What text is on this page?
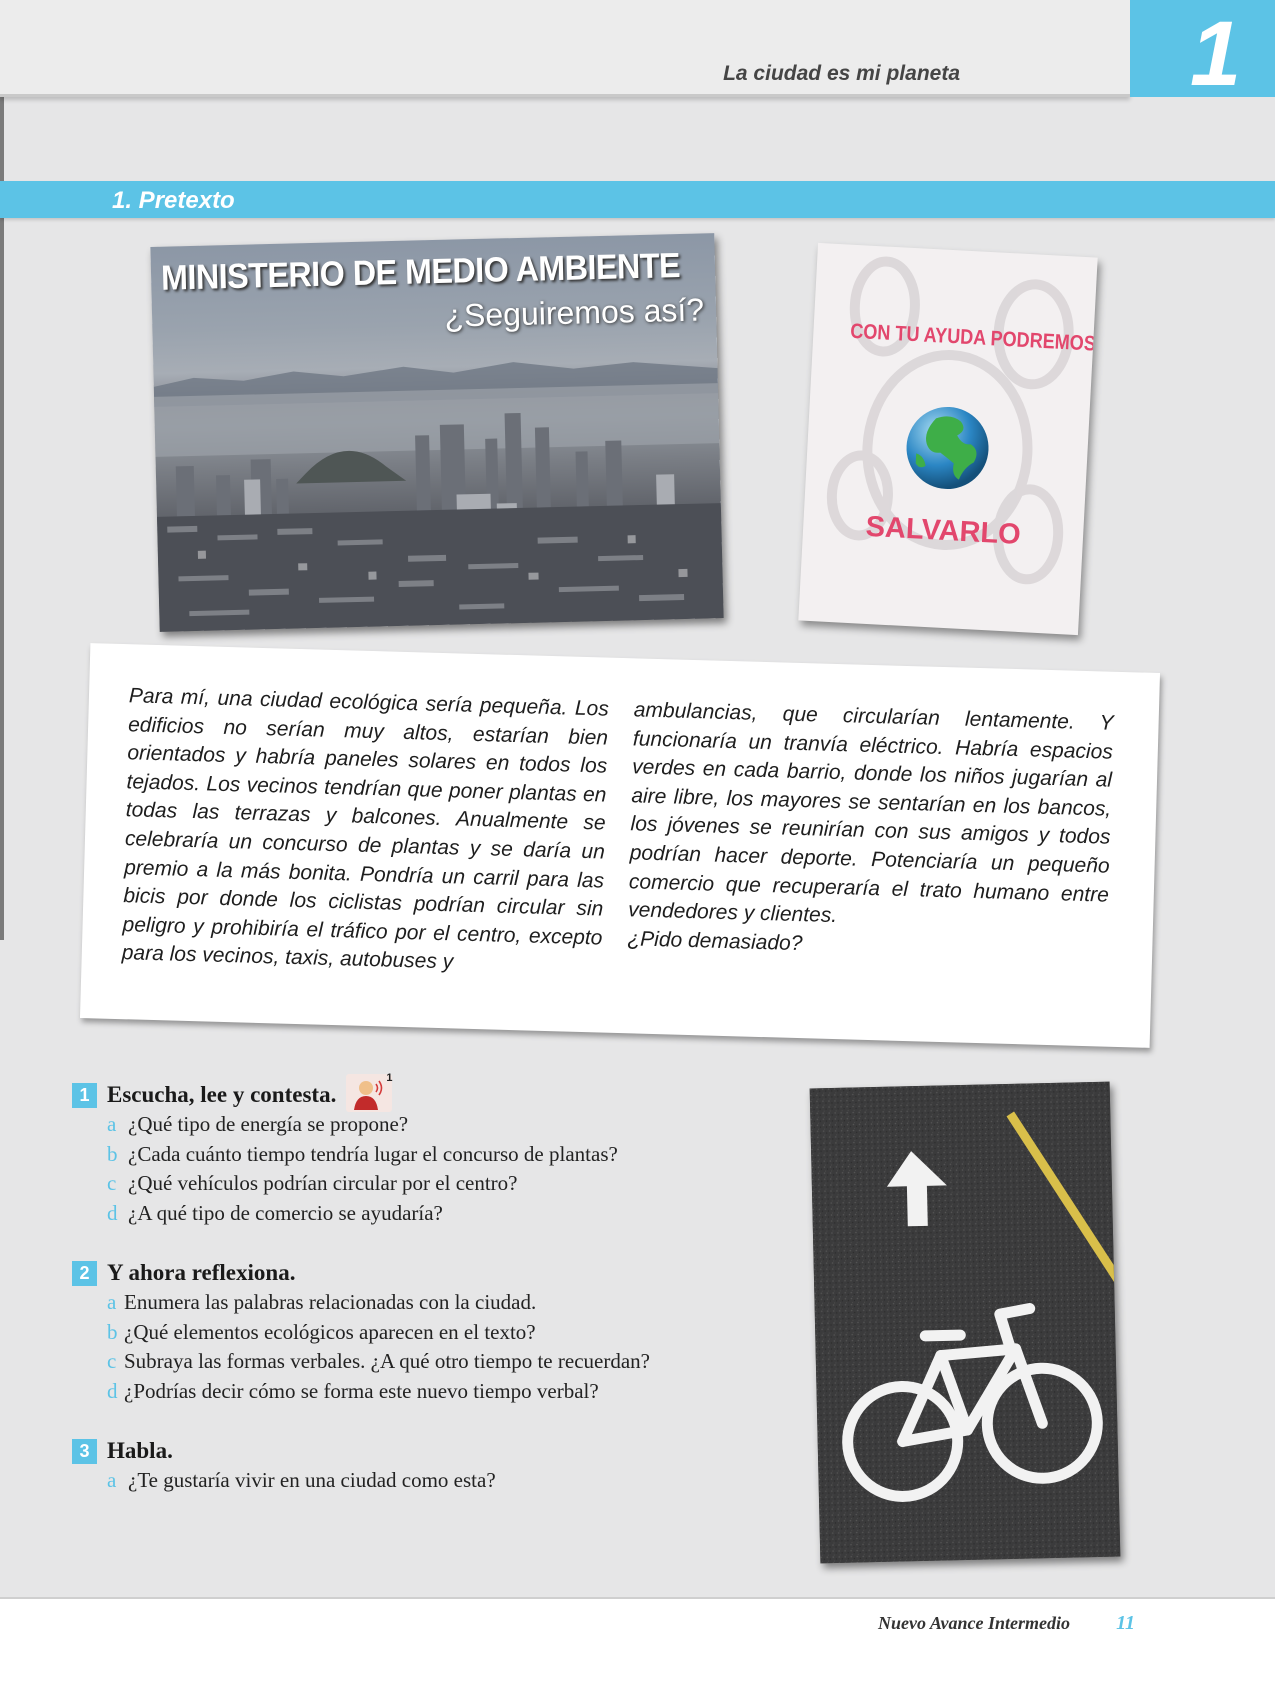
La ciudad es mi planeta	1
1. Pretexto
MINISTERIO DE MEDIO AMBIENTE
¿Seguiremos así?
CON TU AYUDA PODREMOS
SALVARLO
Para mí, una ciudad ecológica sería pequeña. Los edificios no serían muy altos, estarían bien orientados y habría paneles solares en todos los tejados. Los vecinos tendrían que poner plantas en todas las terrazas y balcones. Anualmente se celebraría un concurso de plantas y se daría un premio a la más bonita. Pondría un carril para las bicis por donde los ciclistas podrían circular sin peligro y prohibiría el tráfico por el centro, excepto para los vecinos, taxis, autobuses y
ambulancias, que circularían lentamente. Y funcionaría un tranvía eléctrico. Habría espacios verdes en cada barrio, donde los niños jugarían al aire libre, los mayores se sentarían en los bancos, los jóvenes se reunirían con sus amigos y todos podrían hacer deporte. Potenciaría un pequeño comercio que recuperaría el trato humano entre vendedores y clientes.
¿Pido demasiado?
1 Escucha, lee y contesta.
1
a ¿Qué tipo de energía se propone?
b ¿Cada cuánto tiempo tendría lugar el concurso de plantas?
c ¿Qué vehículos podrían circular por el centro?
d ¿A qué tipo de comercio se ayudaría?
2 Y ahora reflexiona.
a Enumera las palabras relacionadas con la ciudad.
b ¿Qué elementos ecológicos aparecen en el texto?
c Subraya las formas verbales. ¿A qué otro tiempo te recuerdan?
d ¿Podrías decir cómo se forma este nuevo tiempo verbal?
3 Habla.
a ¿Te gustaría vivir en una ciudad como esta?
Nuevo Avance Intermedio 11
